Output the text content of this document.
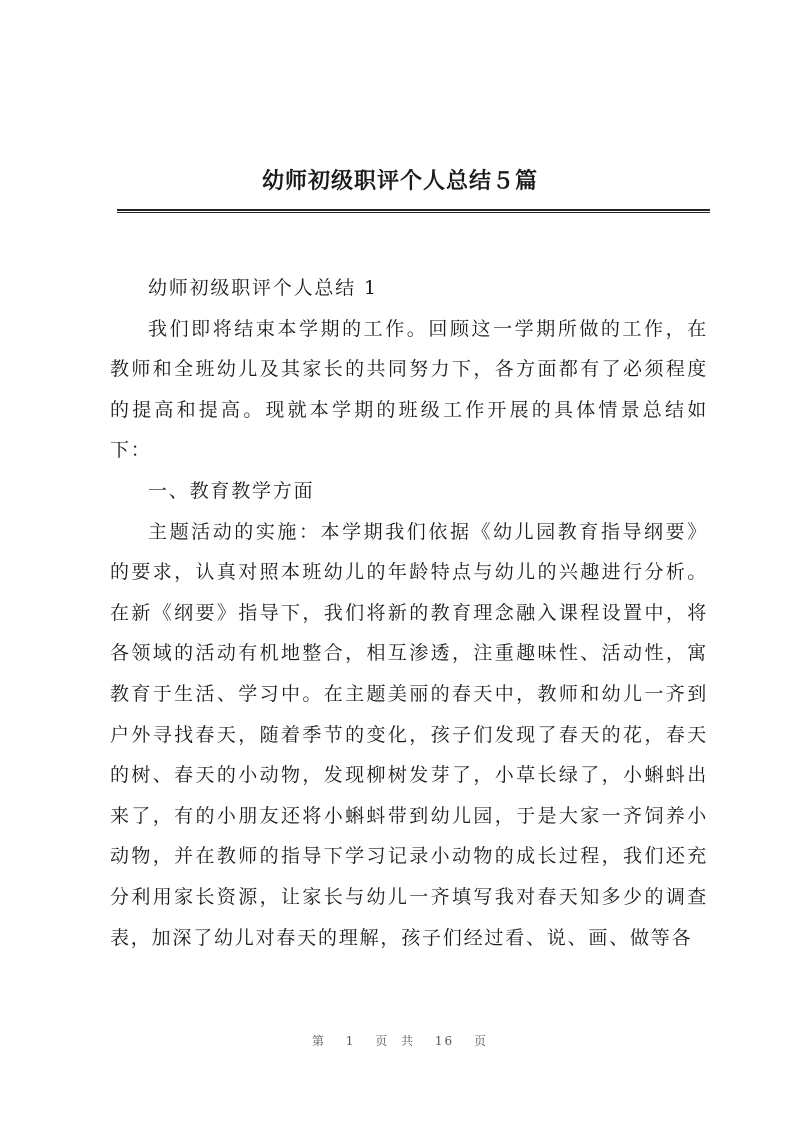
幼师初级职评个人总结５篇

幼师初级职评个人总结 1

我们即将结束本学期的工作。回顾这一学期所做的工作，在教师和全班幼儿及其家长的共同努力下，各方面都有了必须程度的提高和提高。现就本学期的班级工作开展的具体情景总结如下：

一、教育教学方面

主题活动的实施：本学期我们依据《幼儿园教育指导纲要》的要求，认真对照本班幼儿的年龄特点与幼儿的兴趣进行分析。在新《纲要》指导下，我们将新的教育理念融入课程设置中，将各领域的活动有机地整合，相互渗透，注重趣味性、活动性，寓教育于生活、学习中。在主题美丽的春天中，教师和幼儿一齐到户外寻找春天，随着季节的变化，孩子们发现了春天的花，春天的树、春天的小动物，发现柳树发芽了，小草长绿了，小蝌蚪出来了，有的小朋友还将小蝌蚪带到幼儿园，于是大家一齐饲养小动物，并在教师的指导下学习记录小动物的成长过程，我们还充分利用家长资源，让家长与幼儿一齐填写我对春天知多少的调查表，加深了幼儿对春天的理解，孩子们经过看、说、画、做等各

第 1 页 共 16 页
